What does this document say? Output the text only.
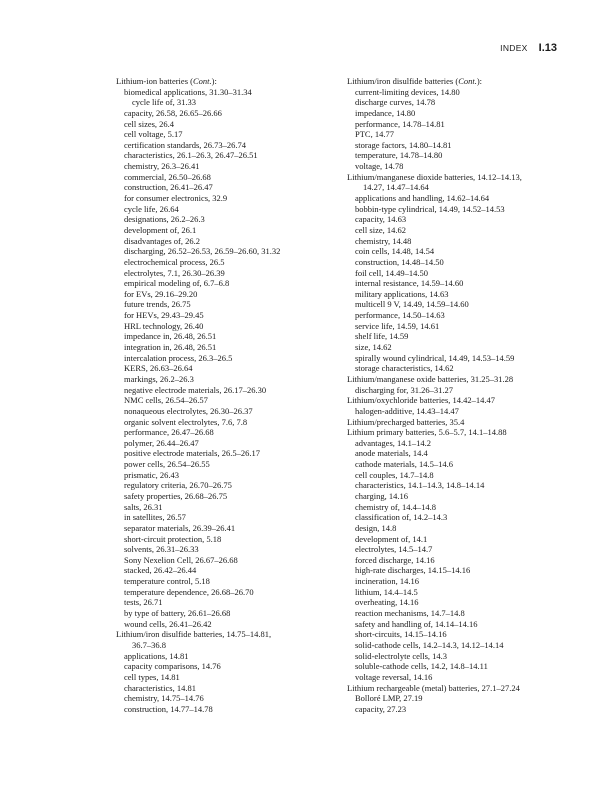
INDEX I.13
Lithium-ion batteries (Cont.):
biomedical applications, 31.30–31.34
cycle life of, 31.33
capacity, 26.58, 26.65–26.66
cell sizes, 26.4
cell voltage, 5.17
certification standards, 26.73–26.74
characteristics, 26.1–26.3, 26.47–26.51
chemistry, 26.3–26.41
commercial, 26.50–26.68
construction, 26.41–26.47
for consumer electronics, 32.9
cycle life, 26.64
designations, 26.2–26.3
development of, 26.1
disadvantages of, 26.2
discharging, 26.52–26.53, 26.59–26.60, 31.32
electrochemical process, 26.5
electrolytes, 7.1, 26.30–26.39
empirical modeling of, 6.7–6.8
for EVs, 29.16–29.20
future trends, 26.75
for HEVs, 29.43–29.45
HRL technology, 26.40
impedance in, 26.48, 26.51
integration in, 26.48, 26.51
intercalation process, 26.3–26.5
KERS, 26.63–26.64
markings, 26.2–26.3
negative electrode materials, 26.17–26.30
NMC cells, 26.54–26.57
nonaqueous electrolytes, 26.30–26.37
organic solvent electrolytes, 7.6, 7.8
performance, 26.47–26.68
polymer, 26.44–26.47
positive electrode materials, 26.5–26.17
power cells, 26.54–26.55
prismatic, 26.43
regulatory criteria, 26.70–26.75
safety properties, 26.68–26.75
salts, 26.31
in satellites, 26.57
separator materials, 26.39–26.41
short-circuit protection, 5.18
solvents, 26.31–26.33
Sony Nexelion Cell, 26.67–26.68
stacked, 26.42–26.44
temperature control, 5.18
temperature dependence, 26.68–26.70
tests, 26.71
by type of battery, 26.61–26.68
wound cells, 26.41–26.42
Lithium/iron disulfide batteries, 14.75–14.81,
36.7–36.8
applications, 14.81
capacity comparisons, 14.76
cell types, 14.81
characteristics, 14.81
chemistry, 14.75–14.76
construction, 14.77–14.78
Lithium/iron disulfide batteries (Cont.):
current-limiting devices, 14.80
discharge curves, 14.78
impedance, 14.80
performance, 14.78–14.81
PTC, 14.77
storage factors, 14.80–14.81
temperature, 14.78–14.80
voltage, 14.78
Lithium/manganese dioxide batteries, 14.12–14.13,
14.27, 14.47–14.64
applications and handling, 14.62–14.64
bobbin-type cylindrical, 14.49, 14.52–14.53
capacity, 14.63
cell size, 14.62
chemistry, 14.48
coin cells, 14.48, 14.54
construction, 14.48–14.50
foil cell, 14.49–14.50
internal resistance, 14.59–14.60
military applications, 14.63
multicell 9 V, 14.49, 14.59–14.60
performance, 14.50–14.63
service life, 14.59, 14.61
shelf life, 14.59
size, 14.62
spirally wound cylindrical, 14.49, 14.53–14.59
storage characteristics, 14.62
Lithium/manganese oxide batteries, 31.25–31.28
discharging for, 31.26–31.27
Lithium/oxychloride batteries, 14.42–14.47
halogen-additive, 14.43–14.47
Lithium/precharged batteries, 35.4
Lithium primary batteries, 5.6–5.7, 14.1–14.88
advantages, 14.1–14.2
anode materials, 14.4
cathode materials, 14.5–14.6
cell couples, 14.7–14.8
characteristics, 14.1–14.3, 14.8–14.14
charging, 14.16
chemistry of, 14.4–14.8
classification of, 14.2–14.3
design, 14.8
development of, 14.1
electrolytes, 14.5–14.7
forced discharge, 14.16
high-rate discharges, 14.15–14.16
incineration, 14.16
lithium, 14.4–14.5
overheating, 14.16
reaction mechanisms, 14.7–14.8
safety and handling of, 14.14–14.16
short-circuits, 14.15–14.16
solid-cathode cells, 14.2–14.3, 14.12–14.14
solid-electrolyte cells, 14.3
soluble-cathode cells, 14.2, 14.8–14.11
voltage reversal, 14.16
Lithium rechargeable (metal) batteries, 27.1–27.24
Bolloré LMP, 27.19
capacity, 27.23
